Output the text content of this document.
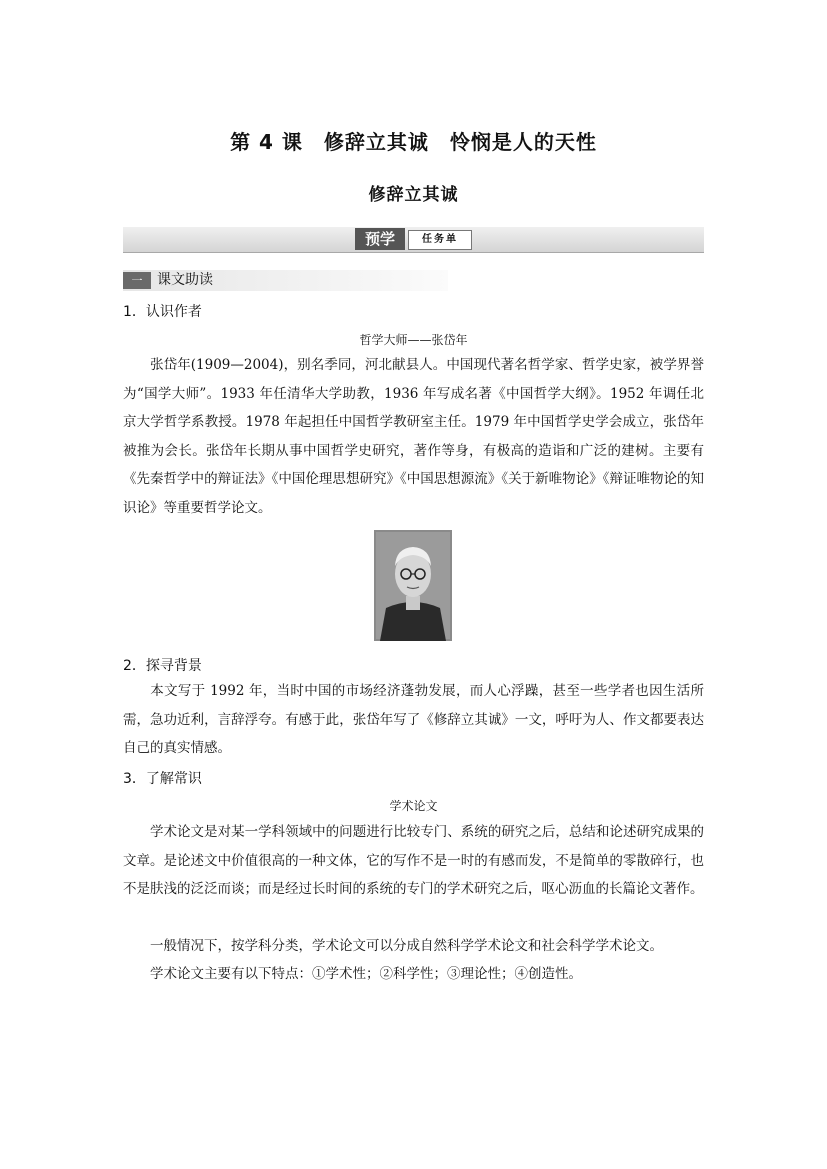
第 4 课　修辞立其诚　怜悯是人的天性
修辞立其诚
预学	任务单
一	课文助读
1．认识作者
哲学大师——张岱年
张岱年(1909—2004)，别名季同，河北献县人。中国现代著名哲学家、哲学史家，被学界誉为“国学大师”。1933 年任清华大学助教，1936 年写成名著《中国哲学大纲》。1952 年调任北京大学哲学系教授。1978 年起担任中国哲学教研室主任。1979 年中国哲学史学会成立，张岱年被推为会长。张岱年长期从事中国哲学史研究，著作等身，有极高的造诣和广泛的建树。主要有《先秦哲学中的辩证法》《中国伦理思想研究》《中国思想源流》《关于新唯物论》《辩证唯物论的知识论》等重要哲学论文。
2．探寻背景
本文写于 1992 年，当时中国的市场经济蓬勃发展，而人心浮躁，甚至一些学者也因生活所需，急功近利，言辞浮夸。有感于此，张岱年写了《修辞立其诚》一文，呼吁为人、作文都要表达自己的真实情感。
3．了解常识
学术论文
学术论文是对某一学科领域中的问题进行比较专门、系统的研究之后，总结和论述研究成果的文章。是论述文中价值很高的一种文体，它的写作不是一时的有感而发，不是简单的零散碎行，也不是肤浅的泛泛而谈；而是经过长时间的系统的专门的学术研究之后，呕心沥血的长篇论文著作。
一般情况下，按学科分类，学术论文可以分成自然科学学术论文和社会科学学术论文。
学术论文主要有以下特点：①学术性；②科学性；③理论性；④创造性。
